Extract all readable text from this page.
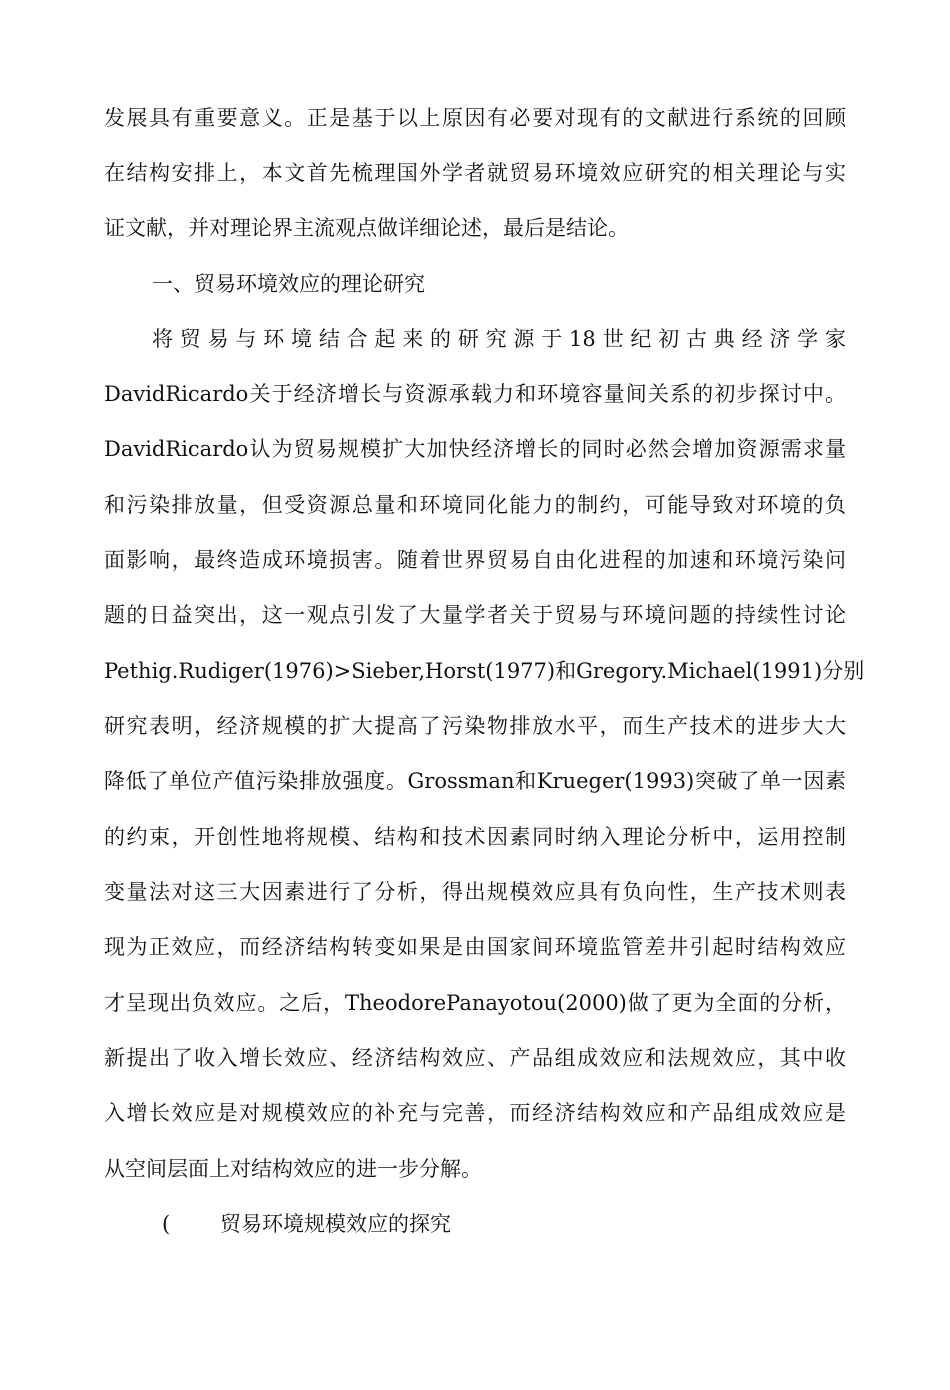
发展具有重要意义。正是基于以上原因有必要对现有的文献进行系统的回顾
在结构安排上，本文首先梳理国外学者就贸易环境效应研究的相关理论与实
证文献，并对理论界主流观点做详细论述，最后是结论。
一、贸易环境效应的理论研究
将贸易与环境结合起来的研究源于18世纪初古典经济学家
DavidRicardo关于经济增长与资源承载力和环境容量间关系的初步探讨中。
DavidRicardo认为贸易规模扩大加快经济增长的同时必然会增加资源需求量
和污染排放量，但受资源总量和环境同化能力的制约，可能导致对环境的负
面影响，最终造成环境损害。随着世界贸易自由化进程的加速和环境污染问
题的日益突出，这一观点引发了大量学者关于贸易与环境问题的持续性讨论
Pethig.Rudiger(1976)>Sieber,Horst(1977)和Gregory.Michael(1991)分别
研究表明，经济规模的扩大提高了污染物排放水平，而生产技术的进步大大
降低了单位产值污染排放强度。Grossman和Krueger(1993)突破了单一因素
的约束，开创性地将规模、结构和技术因素同时纳入理论分析中，运用控制
变量法对这三大因素进行了分析，得出规模效应具有负向性，生产技术则表
现为正效应，而经济结构转变如果是由国家间环境监管差井引起时结构效应
才呈现出负效应。之后，TheodorePanayotou(2000)做了更为全面的分析，
新提出了收入增长效应、经济结构效应、产品组成效应和法规效应，其中收
入增长效应是对规模效应的补充与完善，而经济结构效应和产品组成效应是
从空间层面上对结构效应的进一步分解。
( 贸易环境规模效应的探究
